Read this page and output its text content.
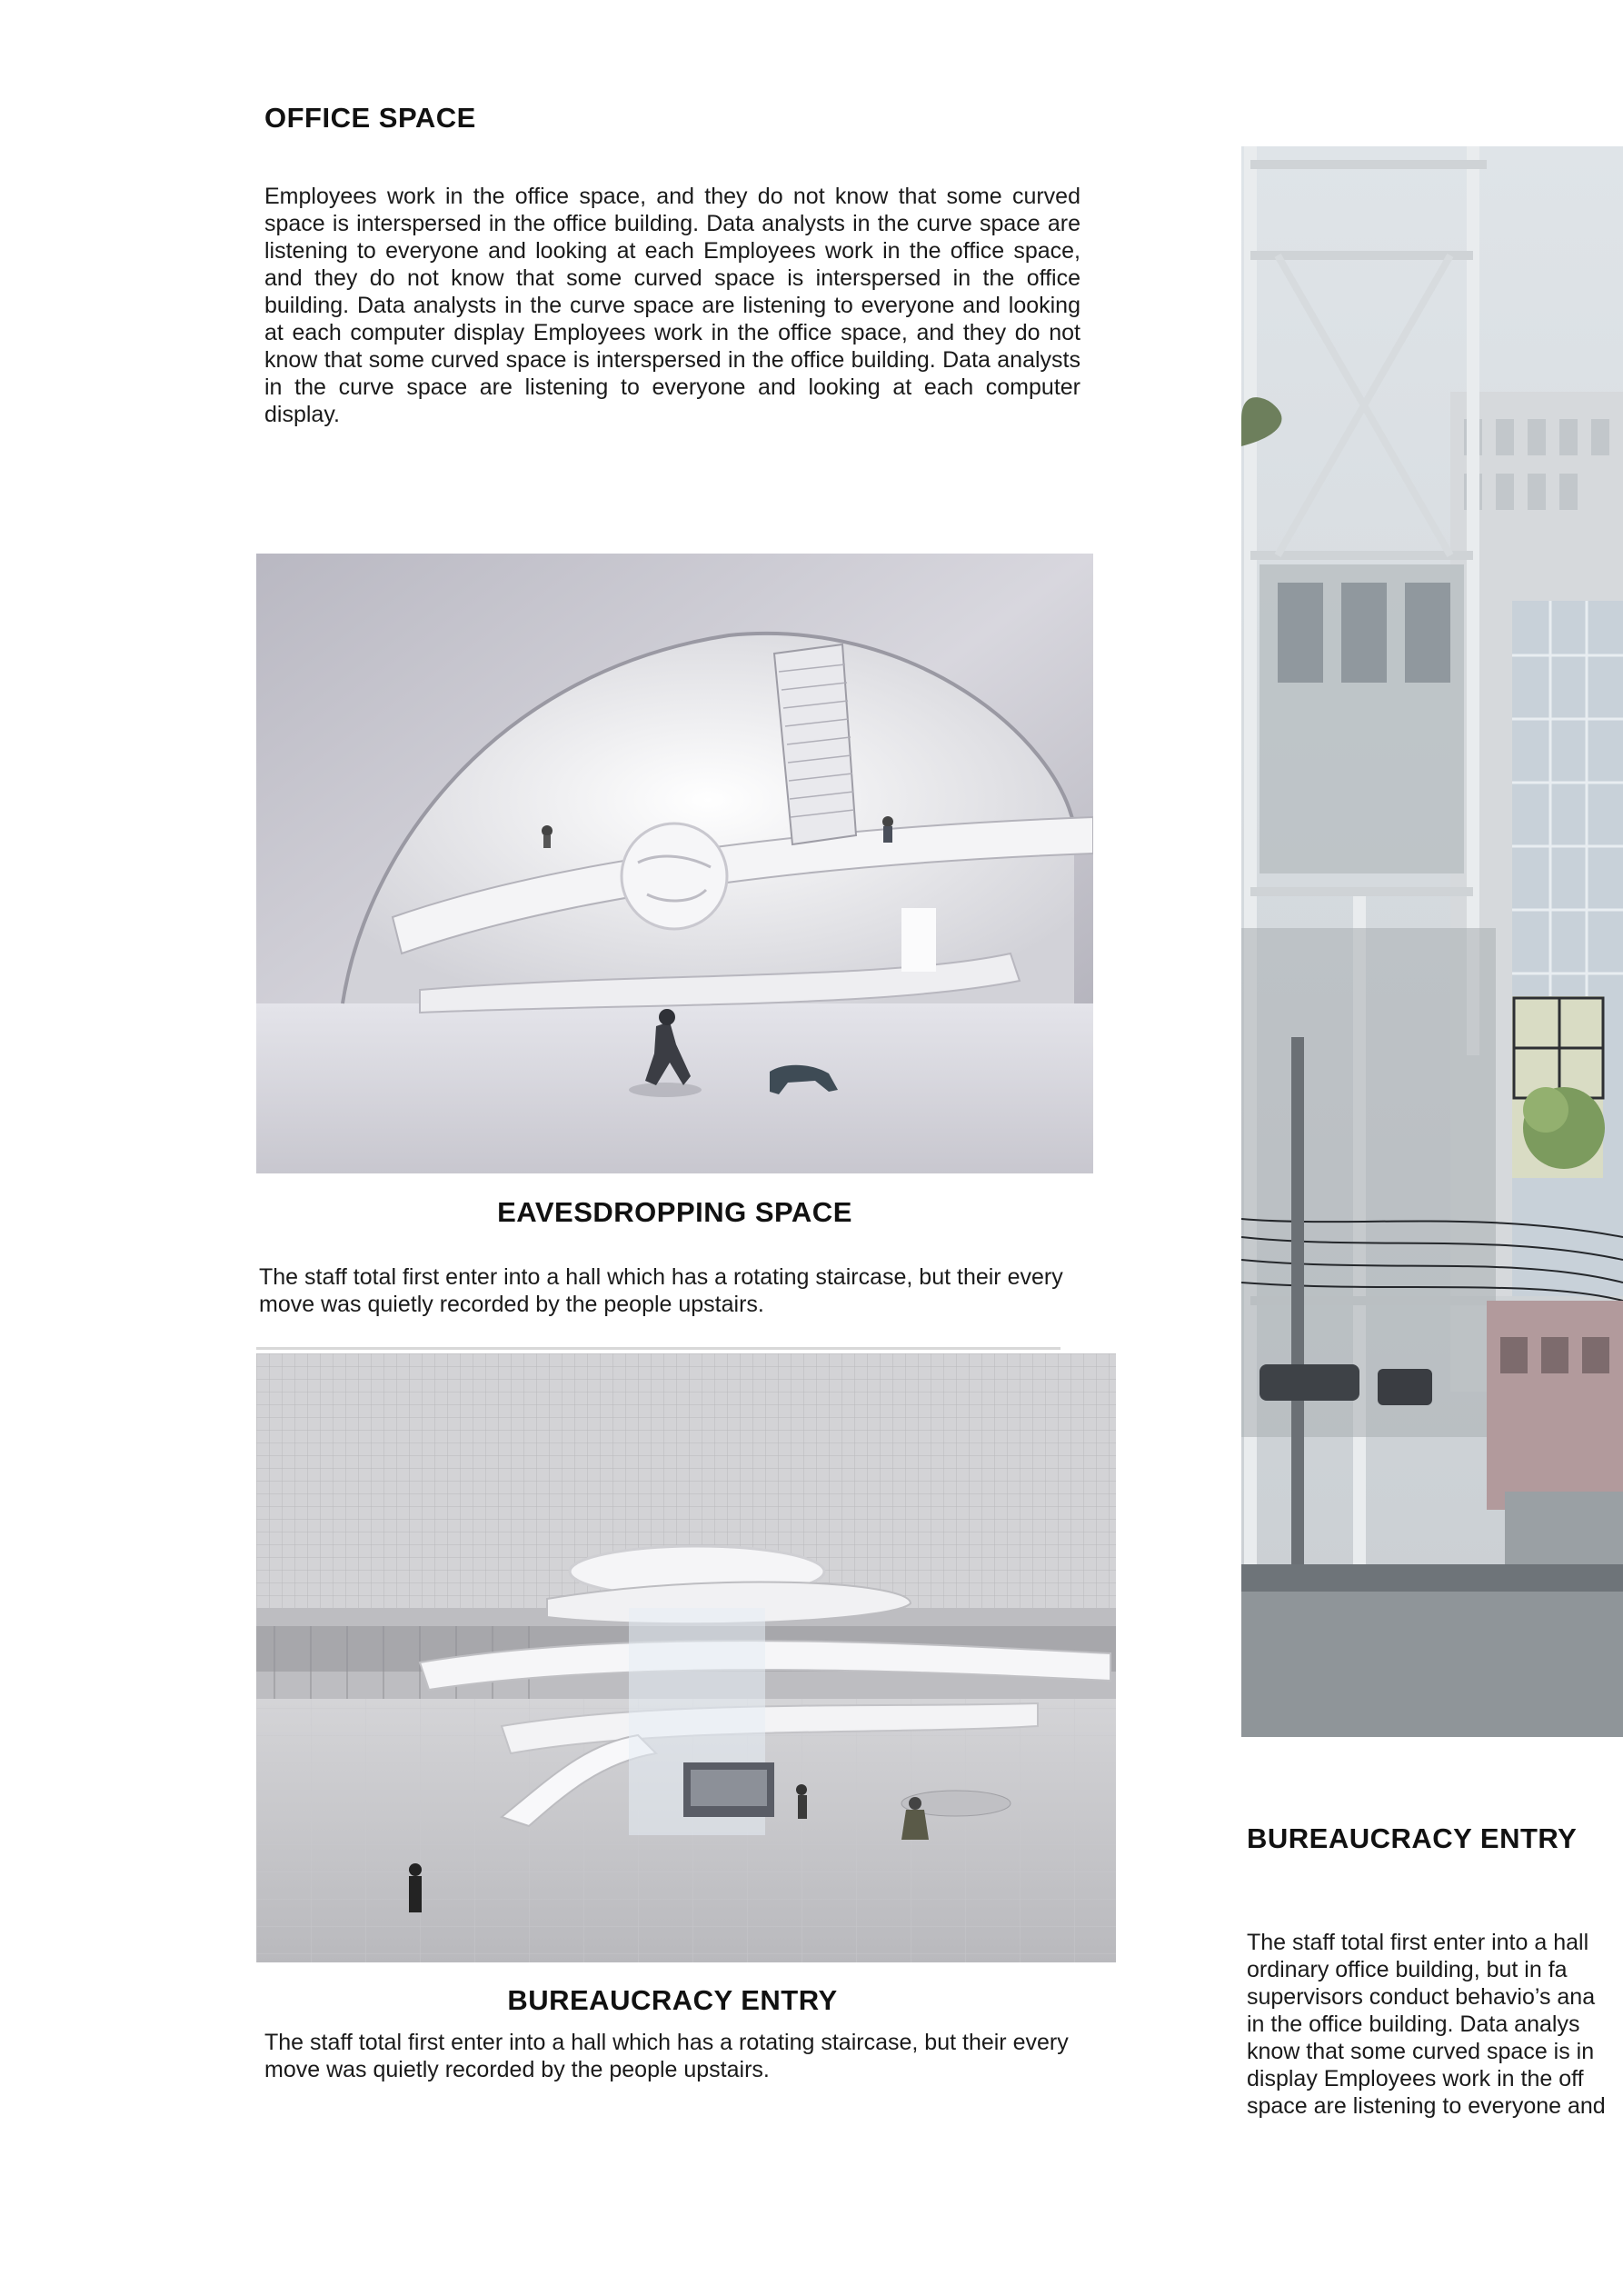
OFFICE SPACE
Employees work in the office space, and they do not know that some curved space is interspersed in the office building. Data analysts in the curve space are listening to everyone and looking at each Employees work in the office space, and they do not know that some curved space is interspersed in the office building. Data analysts in the curve space are listening to everyone and looking at each computer display Employees work in the office space, and they do not know that some curved space is interspersed in the office building. Data analysts in the curve space are listening to everyone and looking at each computer display.
EAVESDROPPING SPACE
The staff total first enter into a hall which has a rotating staircase, but their every move was quietly recorded by the people upstairs.
BUREAUCRACY ENTRY
The staff total first enter into a hall which has a rotating staircase, but their every move was quietly recorded by the people upstairs.
BUREAUCRACY ENTRY
The staff total first enter into a hall
ordinary office building, but in fa
supervisors conduct behavio’s ana
in the office building. Data analys
know that some curved space is in
display Employees work in the off
space are listening to everyone and
